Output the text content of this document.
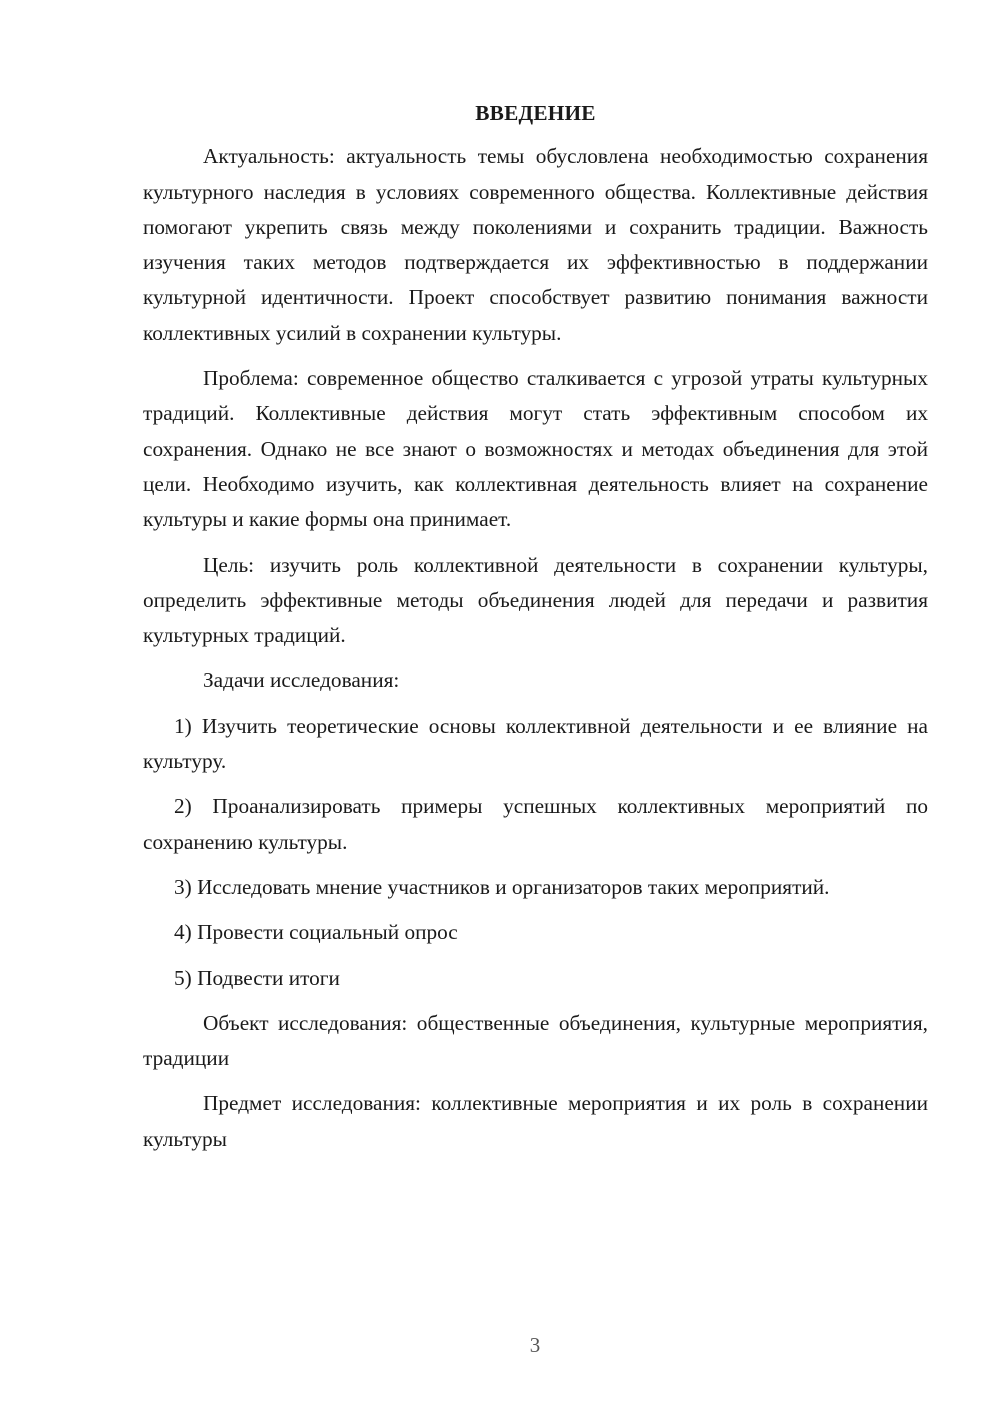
ВВЕДЕНИЕ

Актуальность: актуальность темы обусловлена необходимостью сохранения культурного наследия в условиях современного общества. Коллективные действия помогают укрепить связь между поколениями и сохранить традиции. Важность изучения таких методов подтверждается их эффективностью в поддержании культурной идентичности. Проект способствует развитию понимания важности коллективных усилий в сохранении культуры.

Проблема: современное общество сталкивается с угрозой утраты культурных традиций. Коллективные действия могут стать эффективным способом их сохранения. Однако не все знают о возможностях и методах объединения для этой цели. Необходимо изучить, как коллективная деятельность влияет на сохранение культуры и какие формы она принимает.

Цель: изучить роль коллективной деятельности в сохранении культуры, определить эффективные методы объединения людей для передачи и развития культурных традиций.

Задачи исследования:

1) Изучить теоретические основы коллективной деятельности и ее влияние на культуру.

2) Проанализировать примеры успешных коллективных мероприятий по сохранению культуры.

3) Исследовать мнение участников и организаторов таких мероприятий.

4) Провести социальный опрос

5) Подвести итоги

Объект исследования: общественные объединения, культурные мероприятия, традиции

Предмет исследования: коллективные мероприятия и их роль в сохранении культуры

3
